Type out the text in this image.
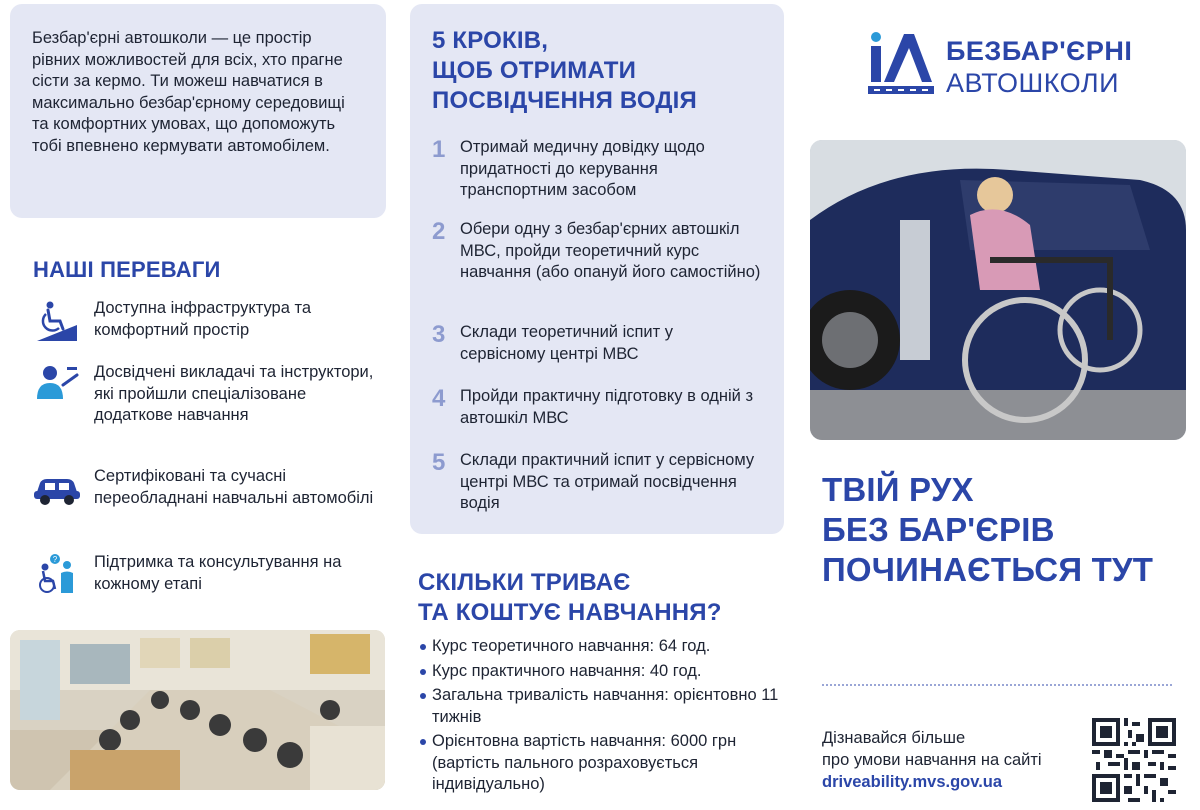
Безбар'єрні автошколи — це простір рівних можливостей для всіх, хто прагне сісти за кермо. Ти можеш навчатися в максимально безбар'єрному середовищі та комфортних умовах, що допоможуть тобі впевнено кермувати автомобілем.

НАШІ ПЕРЕВАГИ
Доступна інфраструктура та комфортний простір
Досвідчені викладачі та інструктори, які пройшли спеціалізоване додаткове навчання
Сертифіковані та сучасні переобладнані навчальні автомобілі
? Підтримка та консультування на кожному етапі
5 КРОКІВ,
ЩОБ ОТРИМАТИ
ПОСВІДЧЕННЯ ВОДІЯ
1 Отримай медичну довідку щодо придатності до керування транспортним засобом
2 Обери одну з безбар'єрних автошкіл МВС, пройди теоретичний курс навчання (або опануй його самостійно)
3 Склади теоретичний іспит у сервісному центрі МВС
4 Пройди практичну підготовку в одній з автошкіл МВС
5 Склади практичний іспит у сервісному центрі МВС та отримай посвідчення водія
СКІЛЬКИ ТРИВАЄ
ТА КОШТУЄ НАВЧАННЯ?
Курс теоретичного навчання: 64 год.
Курс практичного навчання: 40 год.
Загальна тривалість навчання: орієнтовно 11 тижнів
Орієнтовна вартість навчання: 6000 грн (вартість пального розраховується індивідуально)
БЕЗБАР'ЄРНІ
АВТОШКОЛИ
ТВІЙ РУХ
БЕЗ БАР'ЄРІВ
ПОЧИНАЄТЬСЯ ТУТ
Дізнавайся більше
про умови навчання на сайті
driveability.mvs.gov.ua
